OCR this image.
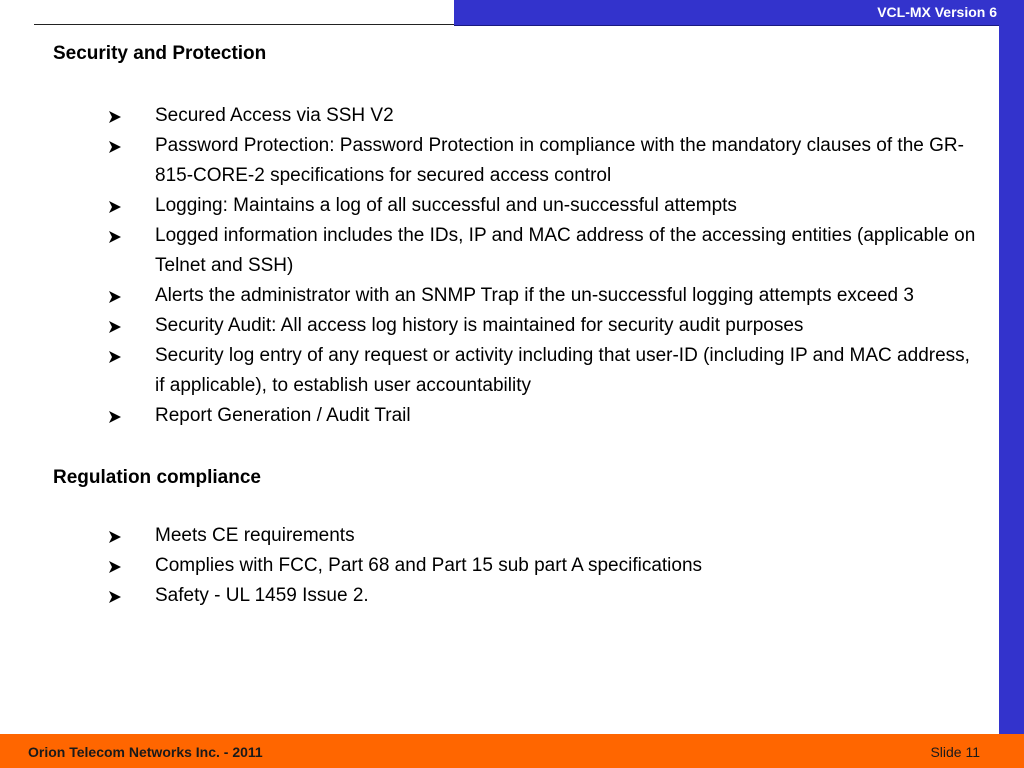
VCL-MX Version 6
Security and Protection
Secured Access via SSH V2
Password Protection: Password Protection in compliance with the mandatory clauses of the GR-815-CORE-2 specifications for secured access control
Logging: Maintains a log of all successful and un-successful attempts
Logged information includes the IDs, IP and MAC address of the accessing entities (applicable on Telnet and SSH)
Alerts the administrator with an SNMP Trap if the un-successful logging attempts exceed 3
Security Audit: All access log history is maintained for security audit purposes
Security log entry of any request or activity including that user-ID (including IP and MAC address, if applicable), to establish user accountability
Report Generation / Audit Trail
Regulation compliance
Meets CE requirements
Complies with FCC, Part 68 and Part 15 sub part A specifications
Safety - UL 1459 Issue 2.
Orion Telecom Networks Inc. - 2011	Slide 11
